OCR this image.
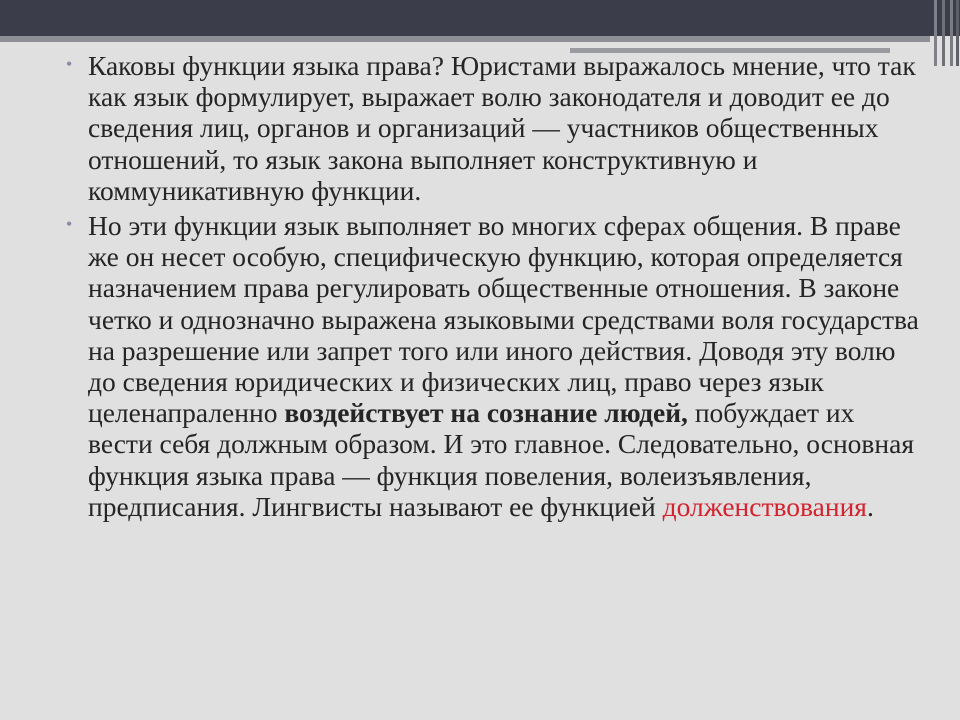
• Каковы функции языка права? Юристами выражалось мнение, что так как язык формулирует, выражает волю законодателя и доводит ее до сведения лиц, органов и организаций — участников общественных отношений, то язык закона выполняет конструктивную и коммуникативную функции.
• Но эти функции язык выполняет во многих сферах общения. В праве же он несет особую, специфическую функцию, которая определяется назначением права регулировать общественные отношения. В законе четко и однозначно выражена языковыми средствами воля государства на разрешение или запрет того или иного действия. Доводя эту волю до сведения юридических и физических лиц, право через язык целенапраленно воздействует на сознание людей, побуждает их вести себя должным образом. И это главное. Следовательно, основная функция языка права — функция повеления, волеизъявления, предписания. Лингвисты называют ее функцией долженствования.
